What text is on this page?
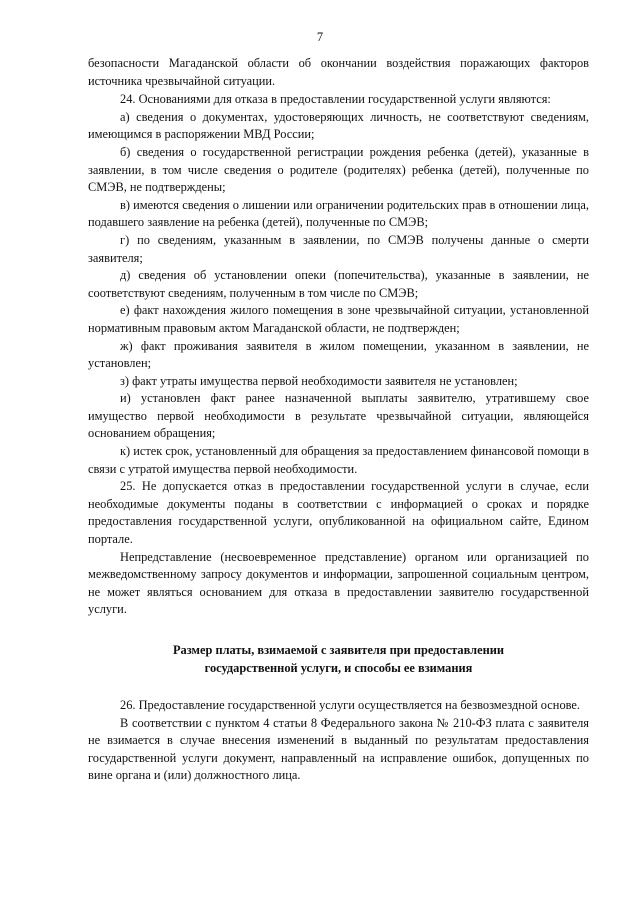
7

безопасности Магаданской области об окончании воздействия поражающих факторов источника чрезвычайной ситуации.

24. Основаниями для отказа в предоставлении государственной услуги являются:

а) сведения о документах, удостоверяющих личность, не соответствуют сведениям, имеющимся в распоряжении МВД России;

б) сведения о государственной регистрации рождения ребенка (детей), указанные в заявлении, в том числе сведения о родителе (родителях) ребенка (детей), полученные по СМЭВ, не подтверждены;

в) имеются сведения о лишении или ограничении родительских прав в отношении лица, подавшего заявление на ребенка (детей), полученные по СМЭВ;

г) по сведениям, указанным в заявлении, по СМЭВ получены данные о смерти заявителя;

д) сведения об установлении опеки (попечительства), указанные в заявлении, не соответствуют сведениям, полученным в том числе по СМЭВ;

е) факт нахождения жилого помещения в зоне чрезвычайной ситуации, установленной нормативным правовым актом Магаданской области, не подтвержден;

ж) факт проживания заявителя в жилом помещении, указанном в заявлении, не установлен;

з) факт утраты имущества первой необходимости заявителя не установлен;

и) установлен факт ранее назначенной выплаты заявителю, утратившему свое имущество первой необходимости в результате чрезвычайной ситуации, являющейся основанием обращения;

к) истек срок, установленный для обращения за предоставлением финансовой помощи в связи с утратой имущества первой необходимости.

25. Не допускается отказ в предоставлении государственной услуги в случае, если необходимые документы поданы в соответствии с информацией о сроках и порядке предоставления государственной услуги, опубликованной на официальном сайте, Едином портале.

Непредставление (несвоевременное представление) органом или организацией по межведомственному запросу документов и информации, запрошенной социальным центром, не может являться основанием для отказа в предоставлении заявителю государственной услуги.

Размер платы, взимаемой с заявителя при предоставлении
государственной услуги, и способы ее взимания

26. Предоставление государственной услуги осуществляется на безвозмездной основе.

В соответствии с пунктом 4 статьи 8 Федерального закона № 210-ФЗ плата с заявителя не взимается в случае внесения изменений в выданный по результатам предоставления государственной услуги документ, направленный на исправление ошибок, допущенных по вине органа и (или) должностного лица.
